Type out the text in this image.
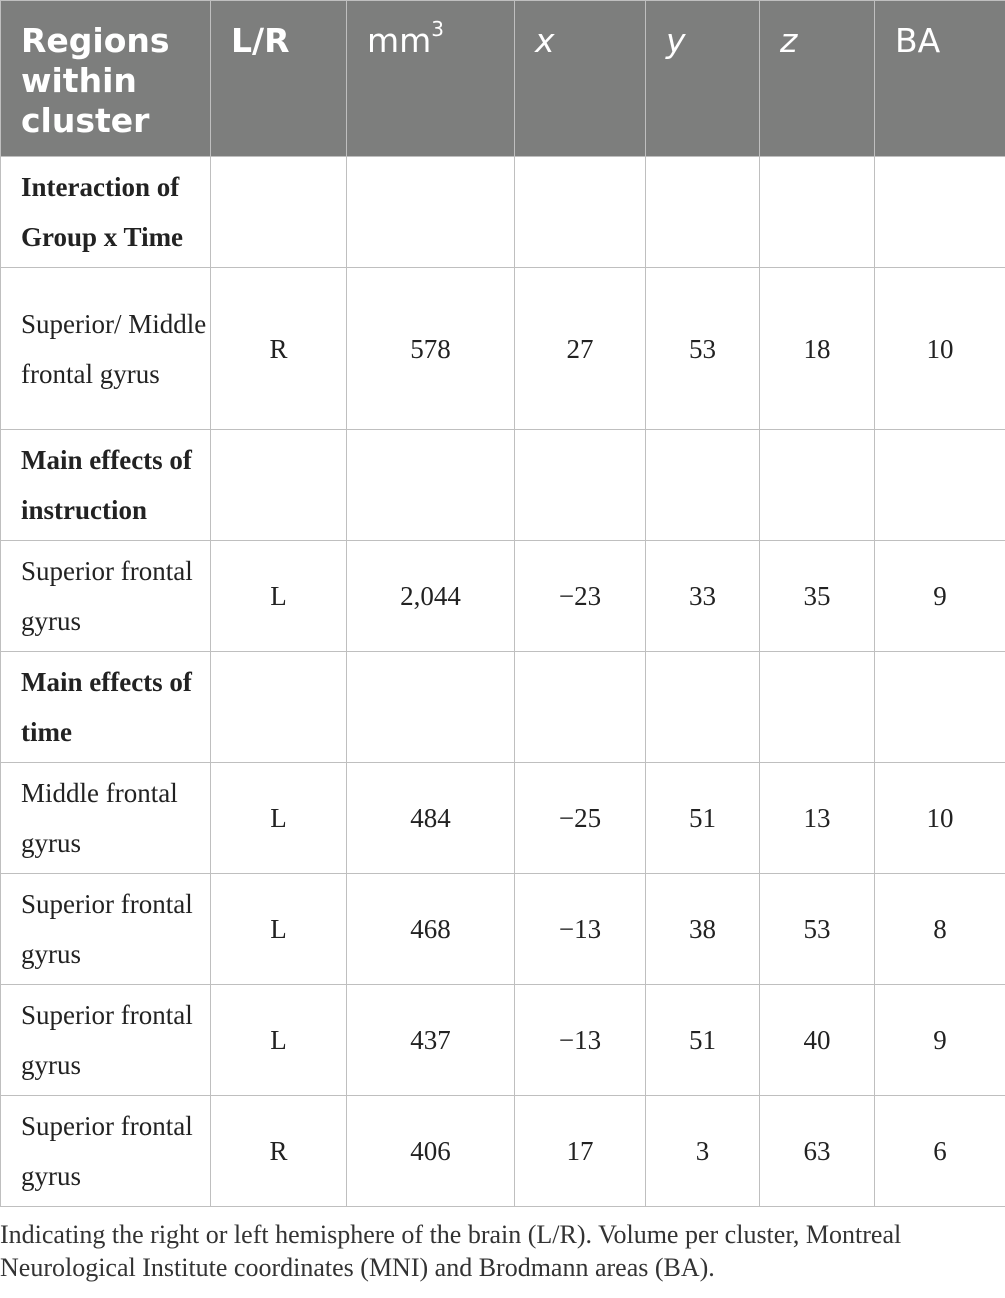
Regions within cluster	L/R	$mm^3$	x	y	z	BA
Interaction of Group x Time						
Superior/ Middle frontal gyrus	R	578	27	53	18	10
Main effects of instruction						
Superior frontal gyrus	L	2,044	−23	33	35	9
Main effects of time						
Middle frontal gyrus	L	484	−25	51	13	10
Superior frontal gyrus	L	468	−13	38	53	8
Superior frontal gyrus	L	437	−13	51	40	9
Superior frontal gyrus	R	406	17	3	63	6
Indicating the right or left hemisphere of the brain (L/R). Volume per cluster, Montreal Neurological Institute coordinates (MNI) and Brodmann areas (BA).
